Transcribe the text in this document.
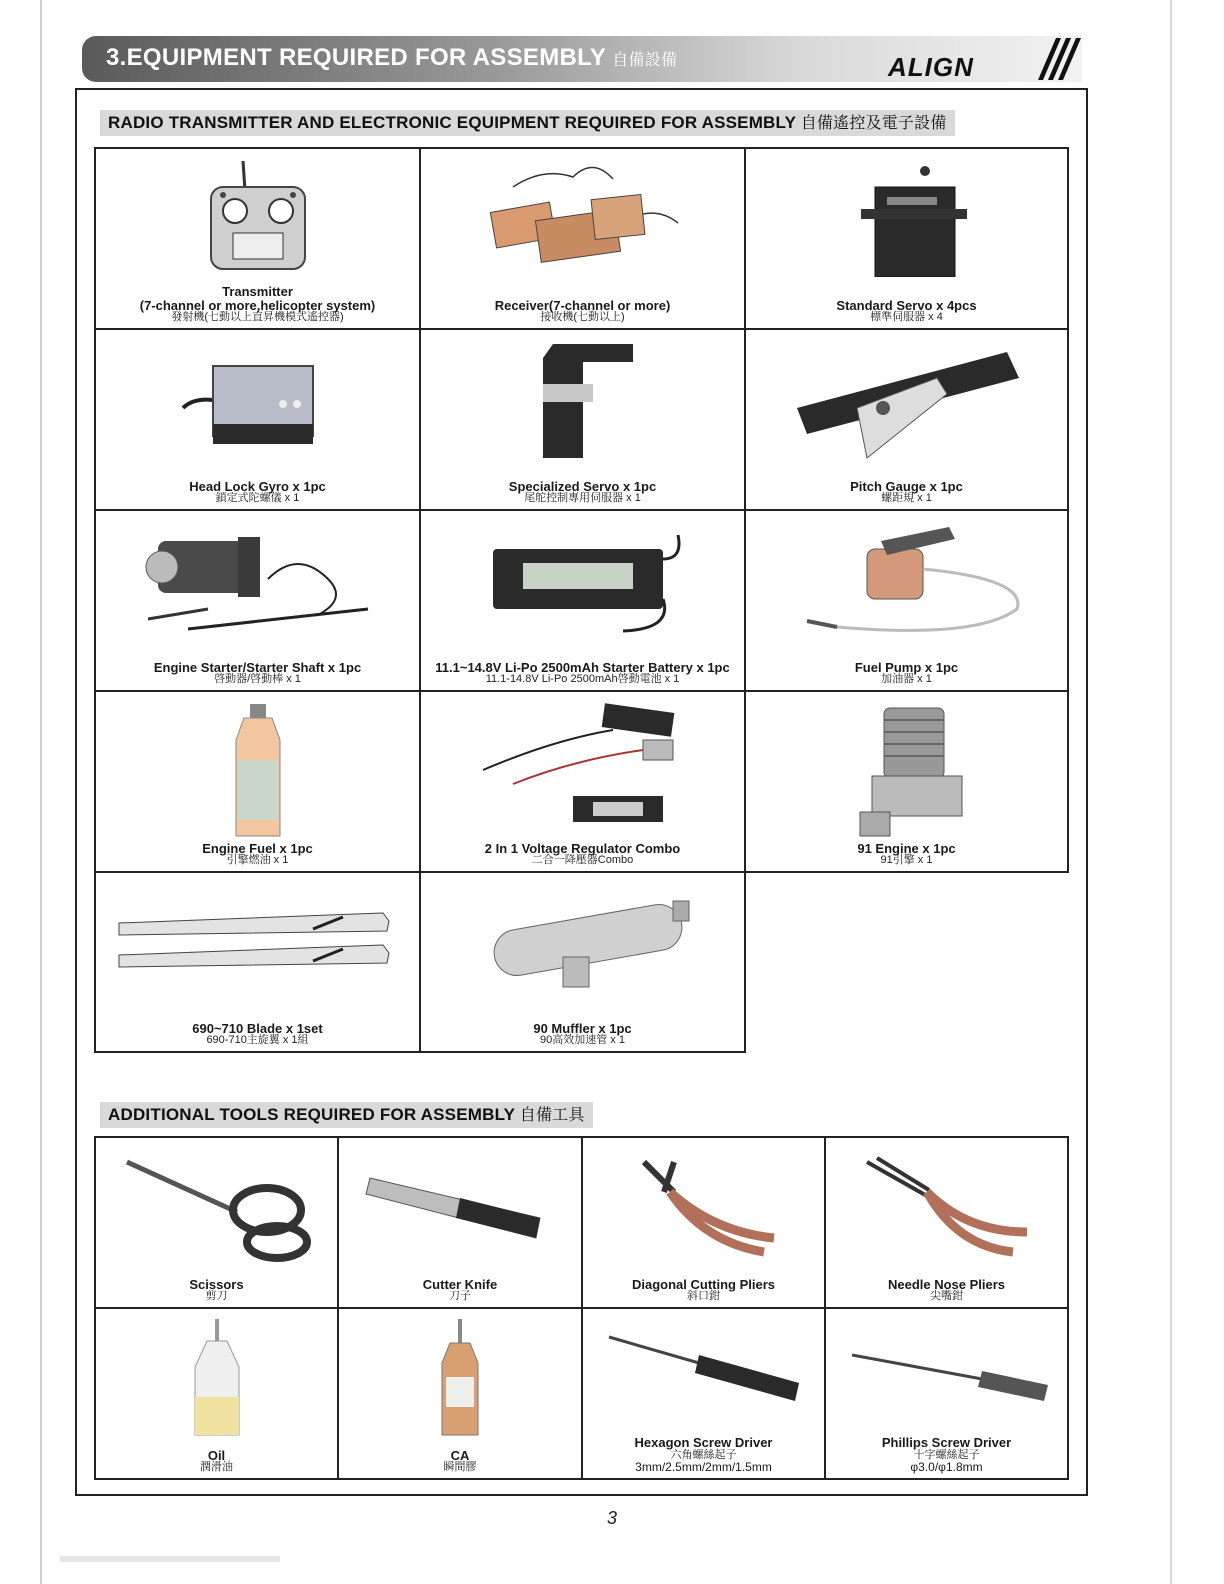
3.EQUIPMENT REQUIRED FOR ASSEMBLY 自備設備	ALIGN
RADIO TRANSMITTER AND ELECTRONIC EQUIPMENT REQUIRED FOR ASSEMBLY 自備遙控及電子設備
Transmitter
(7-channel or more,helicopter system)
發射機(七動以上直昇機模式遙控器)
Receiver(7-channel or more)
接收機(七動以上)
Standard Servo x 4pcs
標準伺服器 x 4
Head Lock Gyro x 1pc
鎖定式陀螺儀 x 1
Specialized Servo x 1pc
尾舵控制專用伺服器 x 1
Pitch Gauge x 1pc
螺距規 x 1
Engine Starter/Starter Shaft x 1pc
啓動器/啓動棒 x 1
11.1~14.8V Li-Po 2500mAh Starter Battery x 1pc
11.1-14.8V Li-Po 2500mAh啓動電池 x 1
Fuel Pump x 1pc
加油器 x 1
Engine Fuel x 1pc
引擎燃油 x 1
2 In 1 Voltage Regulator Combo
二合一降壓器Combo
91 Engine x 1pc
91引擎 x 1
690~710 Blade x 1set
690-710主旋翼 x 1組
90 Muffler x 1pc
90高效加速管 x 1
ADDITIONAL TOOLS REQUIRED FOR ASSEMBLY 自備工具
Scissors
剪刀
Cutter Knife
刀子
Diagonal Cutting Pliers
斜口鉗
Needle Nose Pliers
尖嘴鉗
Oil
潤滑油
CA
瞬間膠
Hexagon Screw Driver
六角螺絲起子
3mm/2.5mm/2mm/1.5mm
Phillips Screw Driver
十字螺絲起子
φ3.0/φ1.8mm
3
